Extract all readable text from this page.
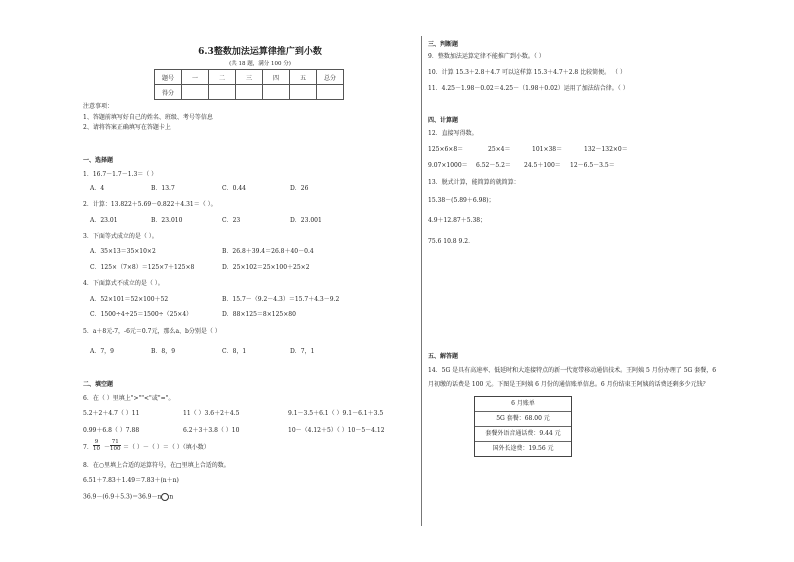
6.3整数加法运算律推广到小数
(共 18 题，满分 100 分)
题号	一	二	三	四	五	总分
得分						
注意事项：
1、答题前填写好自己的姓名、班级、考号等信息
2、请将答案正确填写在答题卡上
一、选择题
1．16.7－1.7－1.3＝（ ）
A．4	B．13.7	C．0.44	D．26
2．计算：13.822＋5.69－0.822＋4.31＝（ ）。
A．23.01	B．23.010	C．23	D．23.001
3．下面等式成立的是（ ）。
A．35×13＝35×10×2	B．26.8＋39.4＝26.8＋40－0.4
C．125×（7×8）＝125×7＋125×8	D．25×102＝25×100＋25×2
4．下面算式不成立的是（ ）。
A．52×101＝52×100＋52	B．15.7－（9.2－4.3）＝15.7＋4.3－9.2
C．1500÷4÷25＝1500÷（25×4）	D．88×125＝8×125×80
5．a＋8元-7，-6元＝0.7元，那么a、b分别是（ ）
A．7，9	B．8，9	C．8，1	D．7，1
二、填空题
6．在（ ）里填上">""<"或"="。
5.2＋2＋4.7（ ）11	11（ ）3.6＋2＋4.5	9.1－3.5＋6.1（ ）9.1－6.1＋3.5
0.99＋6.8（ ）7.88	6.2＋3＋3.8（ ）10	10－（4.12＋5）（ ）10－5－4.12
7． $\frac{9}{10} - \frac{71}{100}$ ＝（ ）－（ ）＝（ ）（填小数）
8．在○里填上合适的运算符号，在□里填上合适的数。
6.51＋7.83＋1.49＝7.83＋(n＋n)
36.9－(6.9＋5.3)＝36.9－n n
三、判断题
9．整数加法运算定律不能推广到小数。（ ）
10．计算 15.3＋2.8＋4.7 可以这样算 15.3＋4.7＋2.8 比较简便。 （ ）
11．4.25－1.98－0.02＝4.25－（1.98＋0.02）运用了加法结合律。（ ）
四、计算题
12．直接写得数。
125×6×8＝	25×4＝	101×38＝	132－132×0＝
9.07×1000＝ 6.52－5.2＝ 24.5＋100＝ 12－6.5－3.5＝
13．脱式计算，能简算的就简算：
15.38－(5.89＋6.98)；
4.9＋12.87＋5.38；
75.6 10.8 9.2．
五、解答题
14．5G 是具有高速率、低延时和大连接特点的新一代宽带移动通信技术。王阿姨 5 月份办理了 5G 套餐，6
月初缴的话费是 100 元。下图是王阿姨 6 月份的通信账单信息。6 月份结束王阿姨的话费还剩多少元钱？
6 月账单
5G 套餐：68.00 元
套餐外语音通话费：9.44 元
国外长途费：19.56 元
